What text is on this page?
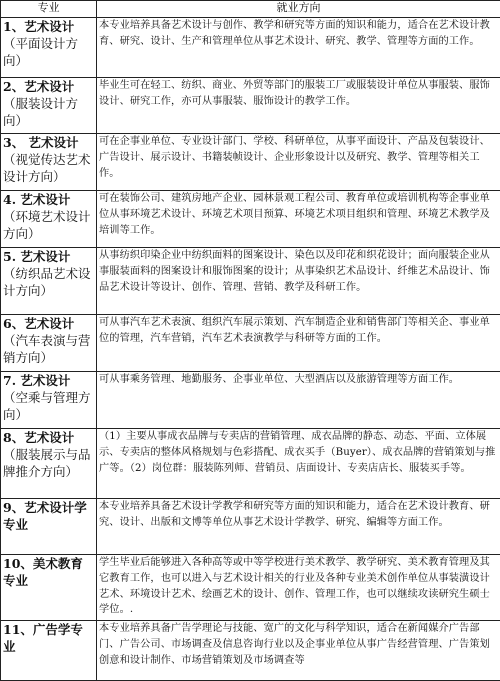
专业	就业方向
1、艺术设计（平面设计方向）	本专业培养具备艺术设计与创作、教学和研究等方面的知识和能力，适合在艺术设计教育、研究、设计、生产和管理单位从事艺术设计、研究、教学、管理等方面的工作。
2、艺术设计（服装设计方向）	毕业生可在轻工、纺织、商业、外贸等部门的服装工厂或服装设计单位从事服装、服饰设计、研究工作，亦可从事服装、服饰设计的教学工作。
3、 艺术设计（视觉传达艺术设计方向）	可在企事业单位、专业设计部门、学校、科研单位，从事平面设计、产品及包装设计、广告设计、展示设计、书籍装帧设计、企业形象设计以及研究、教学、管理等相关工作。
4. 艺术设计（环境艺术设计方向）	可在装饰公司、建筑房地产企业、园林景观工程公司、教育单位或培训机构等企事业单位从事环境艺术设计、环境艺术项目预算、环境艺术项目组织和管理、环境艺术教学及培训等工作。
5. 艺术设计（纺织品艺术设计方向）	从事纺织印染企业中纺织面料的图案设计、染色以及印花和织花设计；面向服装企业从事服装面料的图案设计和服饰图案的设计；从事染织艺术品设计、纤维艺术品设计、饰品艺术设计等设计、创作、管理、营销、教学及科研工作。
6、艺术设计（汽车表演与营销方向）	可从事汽车艺术表演、组织汽车展示策划、汽车制造企业和销售部门等相关企、事业单位的管理，汽车营销，汽车艺术表演教学与科研等方面的工作。
7. 艺术设计（空乘与管理方向）	可从事乘务管理、地勤服务、企事业单位、大型酒店以及旅游管理等方面工作。
8、艺术设计（服装展示与品牌推介方向）	（1）主要从事成衣品牌与专卖店的营销管理、成衣品牌的静态、动态、平面、立体展示、专卖店的整体风格规划与色彩搭配、成衣买手（Buyer）、成衣品牌的营销策划与推广等。（2）岗位群：服装陈列师、营销员、店面设计、专卖店店长、服装买手等。
9、艺术设计学专业	本专业培养具备艺术设计学教学和研究等方面的知识和能力，适合在艺术设计教育、研究、设计、出版和文博等单位从事艺术设计学教学、研究、编辑等方面工作。
10、美术教育专业	学生毕业后能够进入各种高等或中等学校进行美术教学、教学研究、美术教育管理及其它教育工作，也可以进入与艺术设计相关的行业及各种专业美术创作单位从事装潢设计艺术、环境设计艺术、绘画艺术的设计、创作、管理工作，也可以继续攻读研究生硕士学位。.
11、广告学专业	本专业培养具备广告学理论与技能、宽广的文化与科学知识，适合在新闻媒介广告部门、广告公司、市场调查及信息咨询行业以及企事业单位从事广告经营管理、广告策划创意和设计制作、市场营销策划及市场调查等
